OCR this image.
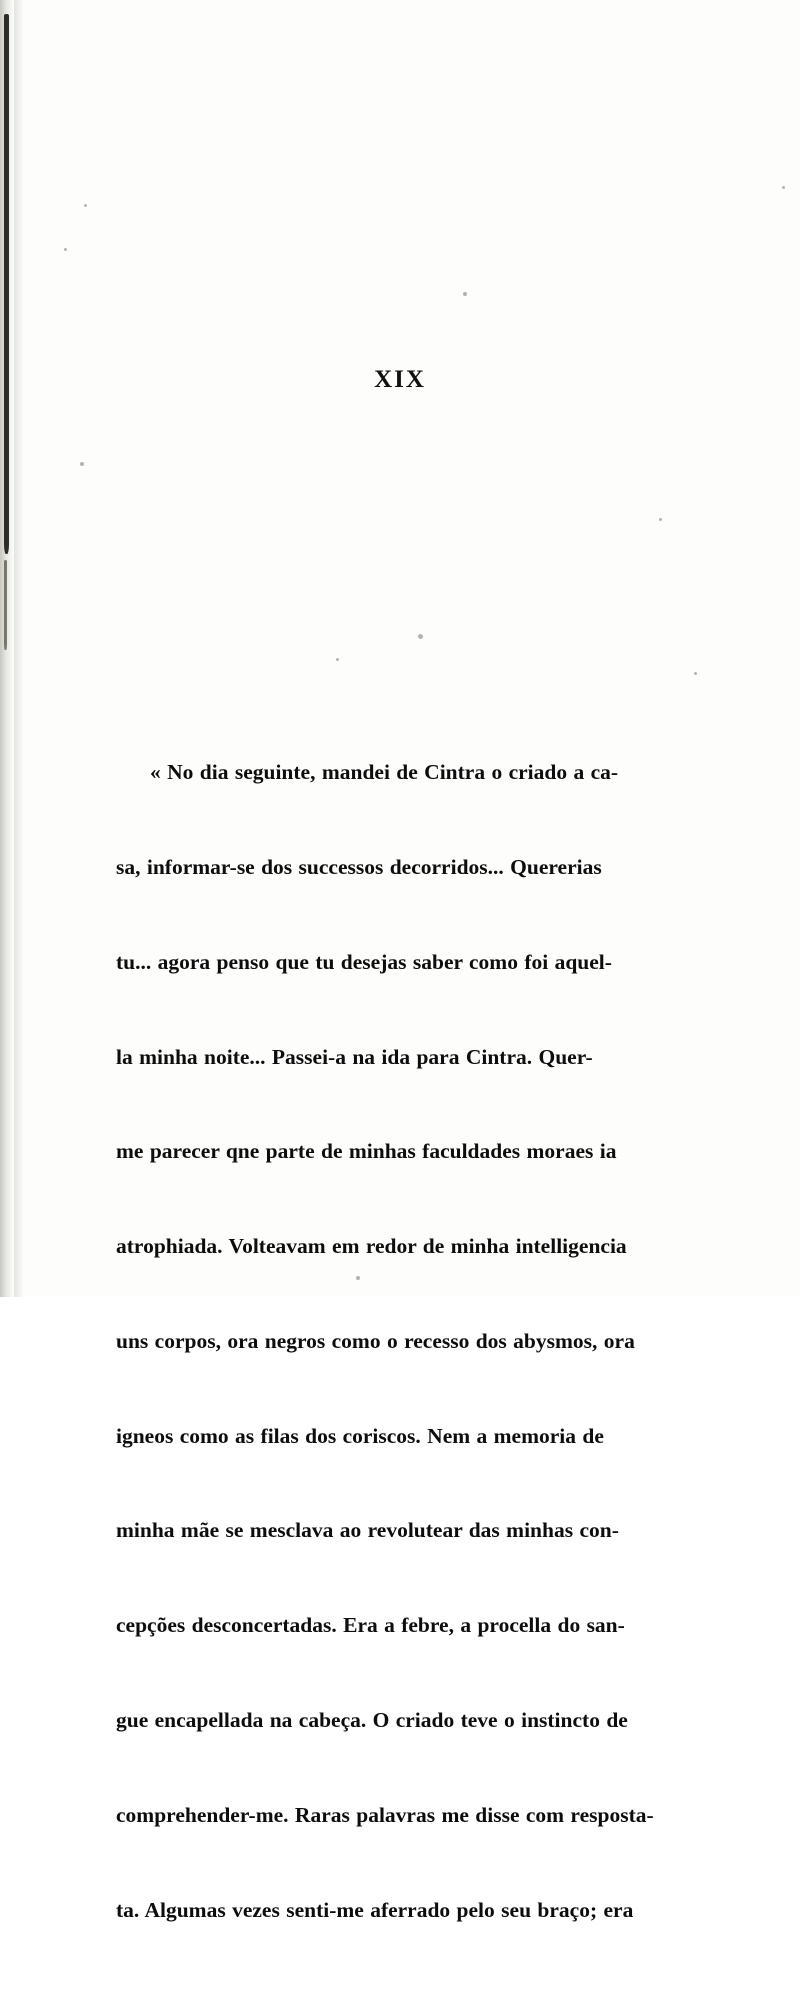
XIX

« No dia seguinte, mandei de Cintra o criado a ca-

sa, informar-se dos successos decorridos... Quererias

tu... agora penso que tu desejas saber como foi aquel-

la minha noite... Passei-a na ida para Cintra. Quer-

me parecer qne parte de minhas faculdades moraes ia

atrophiada. Volteavam em redor de minha intelligencia

uns corpos, ora negros como o recesso dos abysmos, ora

igneos como as filas dos coriscos. Nem a memoria de

minha mãe se mesclava ao revolutear das minhas con-

cepções desconcertadas. Era a febre, a procella do san-

gue encapellada na cabeça. O criado teve o instincto de

comprehender-me. Raras palavras me disse com resposta-

ta. Algumas vezes senti-me aferrado pelo seu braço; era
